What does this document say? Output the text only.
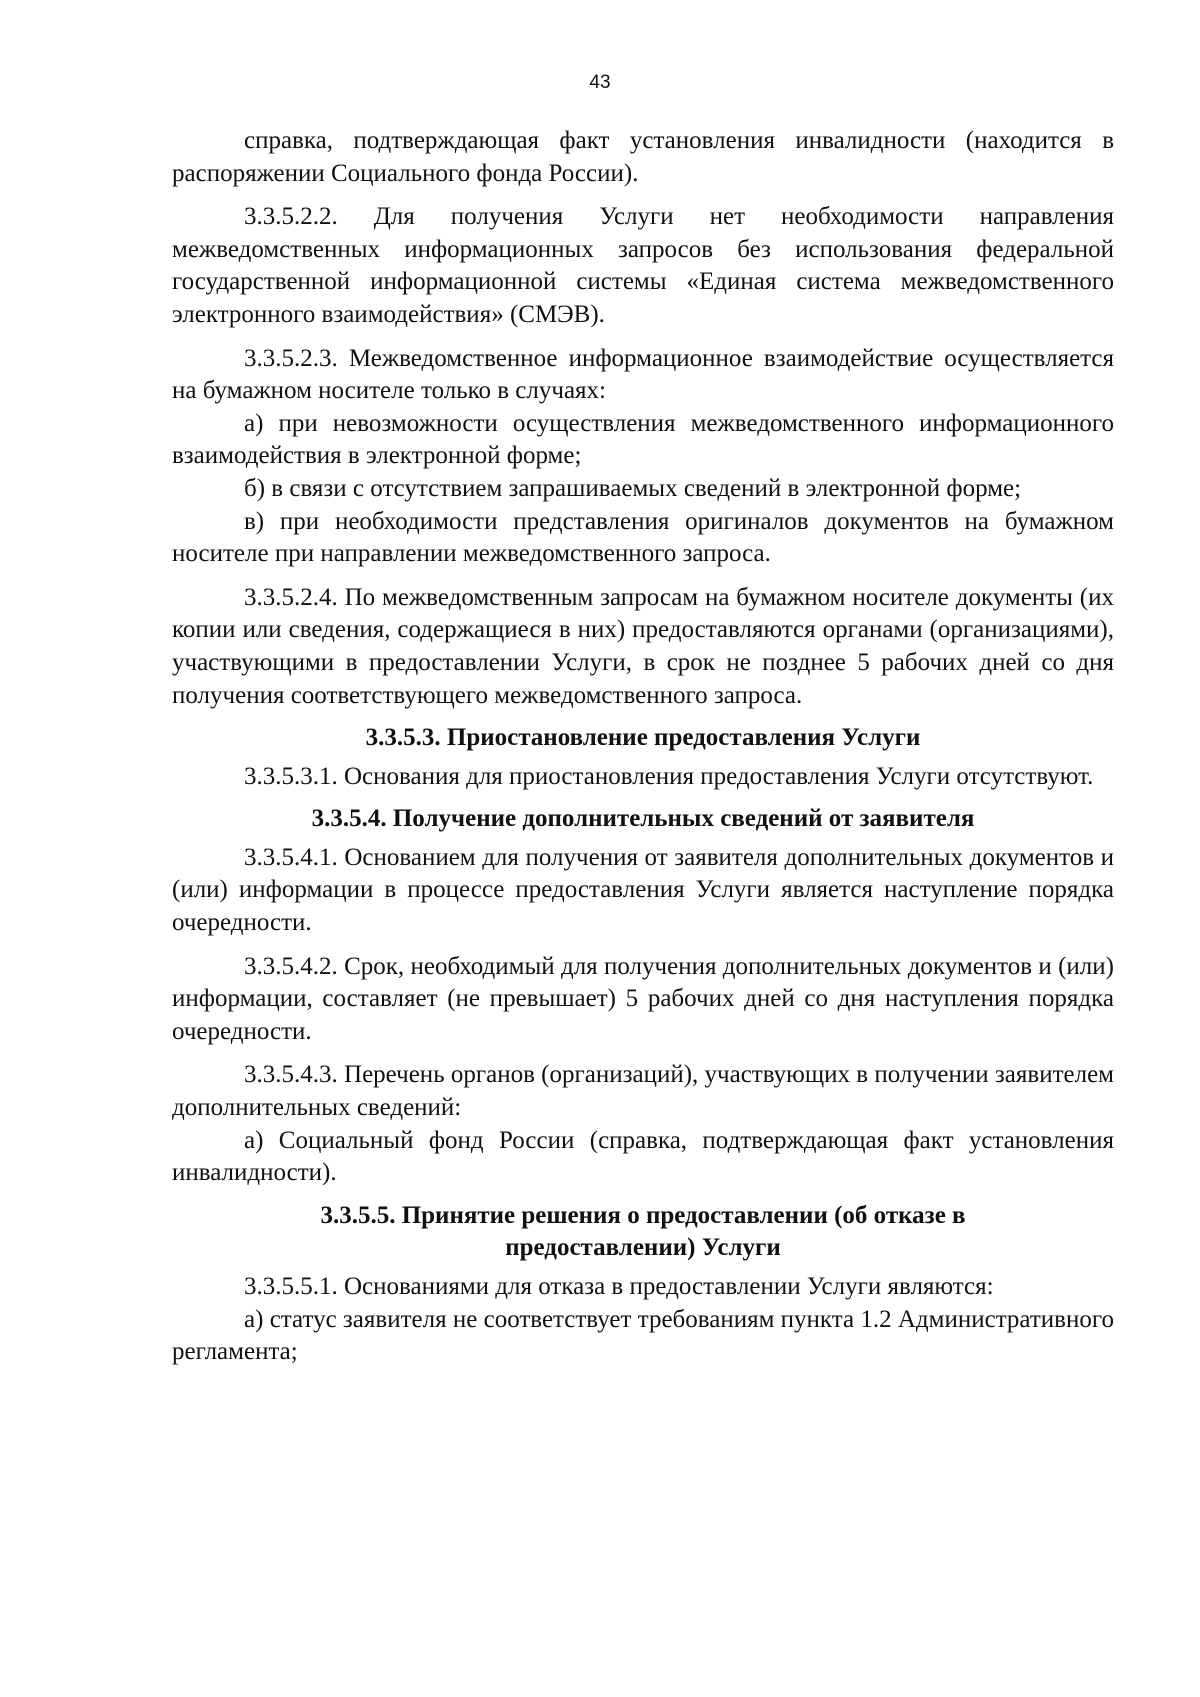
43

справка, подтверждающая факт установления инвалидности (находится в распоряжении Социального фонда России).

3.3.5.2.2. Для получения Услуги нет необходимости направления межведомственных информационных запросов без использования федеральной государственной информационной системы «Единая система межведомственного электронного взаимодействия» (СМЭВ).

3.3.5.2.3. Межведомственное информационное взаимодействие осуществляется на бумажном носителе только в случаях:

а) при невозможности осуществления межведомственного информационного взаимодействия в электронной форме;

б) в связи с отсутствием запрашиваемых сведений в электронной форме;

в) при необходимости представления оригиналов документов на бумажном носителе при направлении межведомственного запроса.

3.3.5.2.4. По межведомственным запросам на бумажном носителе документы (их копии или сведения, содержащиеся в них) предоставляются органами (организациями), участвующими в предоставлении Услуги, в срок не позднее 5 рабочих дней со дня получения соответствующего межведомственного запроса.

3.3.5.3. Приостановление предоставления Услуги

3.3.5.3.1. Основания для приостановления предоставления Услуги отсутствуют.

3.3.5.4. Получение дополнительных сведений от заявителя

3.3.5.4.1. Основанием для получения от заявителя дополнительных документов и (или) информации в процессе предоставления Услуги является наступление порядка очередности.

3.3.5.4.2. Срок, необходимый для получения дополнительных документов и (или) информации, составляет (не превышает) 5 рабочих дней со дня наступления порядка очередности.

3.3.5.4.3. Перечень органов (организаций), участвующих в получении заявителем дополнительных сведений:

а) Социальный фонд России (справка, подтверждающая факт установления инвалидности).

3.3.5.5. Принятие решения о предоставлении (об отказе в предоставлении) Услуги

3.3.5.5.1. Основаниями для отказа в предоставлении Услуги являются:

а) статус заявителя не соответствует требованиям пункта 1.2 Административного регламента;
